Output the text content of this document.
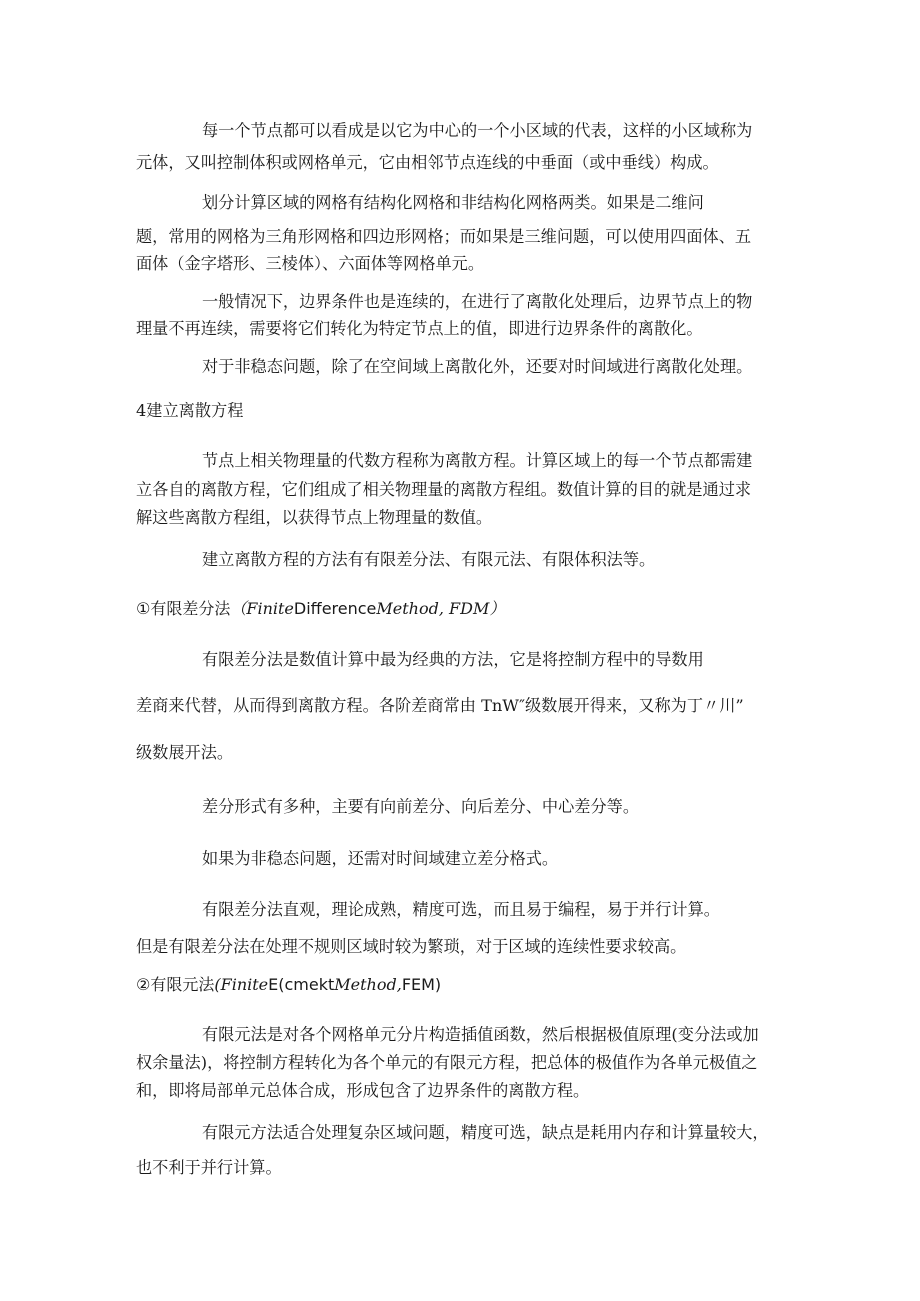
每一个节点都可以看成是以它为中心的一个小区域的代表，这样的小区域称为

元体，又叫控制体积或网格单元，它由相邻节点连线的中垂面（或中垂线）构成。

划分计算区域的网格有结构化网格和非结构化网格两类。如果是二维问

题，常用的网格为三角形网格和四边形网格；而如果是三维问题，可以使用四面体、五

面体（金字塔形、三棱体）、六面体等网格单元。

一般情况下，边界条件也是连续的，在进行了离散化处理后，边界节点上的物

理量不再连续，需要将它们转化为特定节点上的值，即进行边界条件的离散化。

对于非稳态问题，除了在空间域上离散化外，还要对时间域进行离散化处理。

4建立离散方程

节点上相关物理量的代数方程称为离散方程。计算区域上的每一个节点都需建

立各自的离散方程，它们组成了相关物理量的离散方程组。数值计算的目的就是通过求

解这些离散方程组，以获得节点上物理量的数值。

建立离散方程的方法有有限差分法、有限元法、有限体积法等。

①有限差分法（FiniteDifferenceMethod, FDM）

有限差分法是数值计算中最为经典的方法，它是将控制方程中的导数用

差商来代替，从而得到离散方程。各阶差商常由 TnW″级数展开得来，又称为丁〃川”

级数展开法。

差分形式有多种，主要有向前差分、向后差分、中心差分等。

如果为非稳态问题，还需对时间域建立差分格式。

有限差分法直观，理论成熟，精度可选，而且易于编程，易于并行计算。

但是有限差分法在处理不规则区域时较为繁琐，对于区域的连续性要求较高。

②有限元法(FiniteE(cmektMethod,FEM)

有限元法是对各个网格单元分片构造插值函数，然后根据极值原理(变分法或加

权余量法)，将控制方程转化为各个单元的有限元方程，把总体的极值作为各单元极值之

和，即将局部单元总体合成，形成包含了边界条件的离散方程。

有限元方法适合处理复杂区域问题，精度可选，缺点是耗用内存和计算量较大，

也不利于并行计算。
